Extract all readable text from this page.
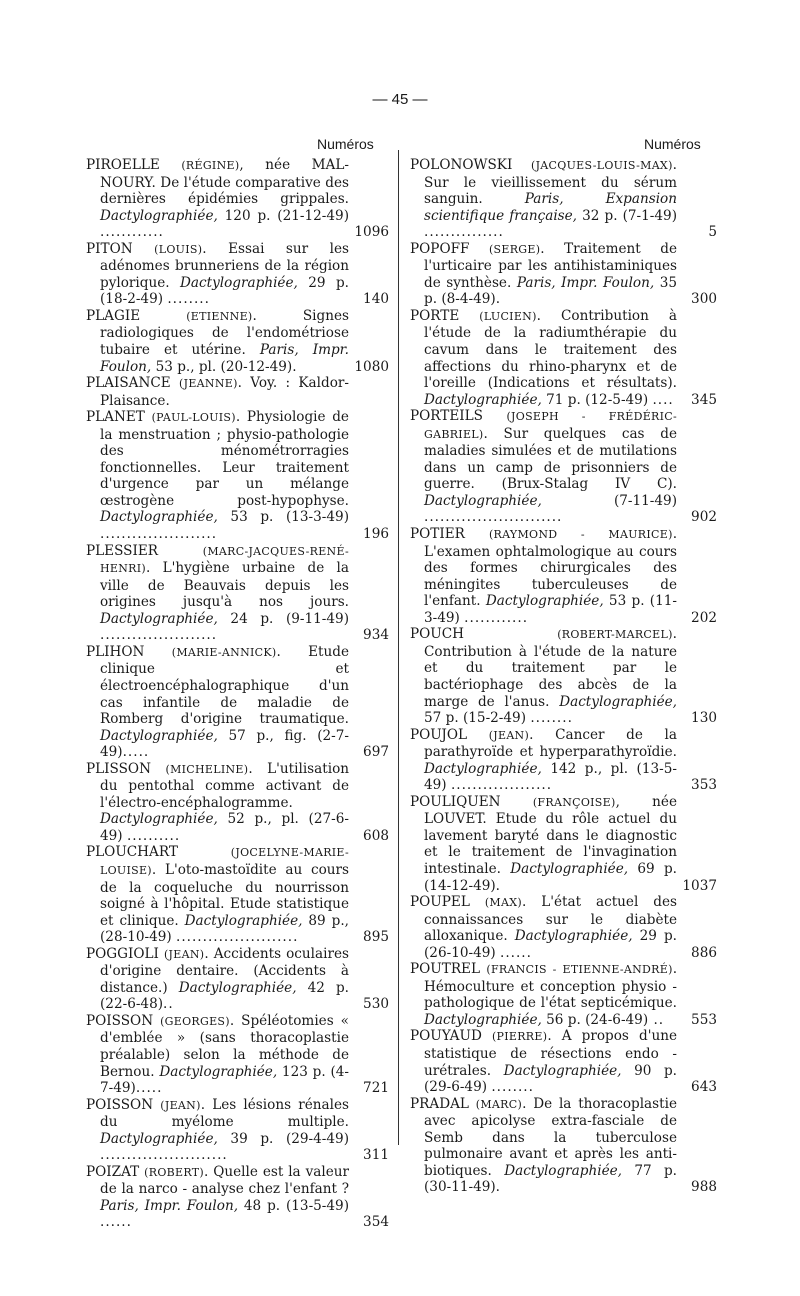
— 45 —
Numéros	Numéros
PIROELLE (RÉGINE), née MAL-NOURY. De l'étude comparative des dernières épidémies grippales. Dactylographiée, 120 p. (21-12-49) ............	1096
PITON (LOUIS). Essai sur les adénomes brunneriens de la région pylorique. Dactylographiée, 29 p. (18-2-49) ........	140
PLAGIE	(ETIENNE). Signes radiologiques de l'endométriose tubaire et utérine. Paris, Impr. Foulon, 53 p., pl. (20-12-49).	1080
PLAISANCE (JEANNE). Voy. : Kaldor-Plaisance.
PLANET (PAUL-LOUIS). Physiologie de la menstruation ; physio-pathologie des ménométrorragies fonctionnelles. Leur traitement d'urgence par un mélange œstrogène post-hypophyse. Dactylographiée, 53 p. (13-3-49) ......................	196
PLESSIER	(MARC-JACQUES-RENÉ-HENRI). L'hygiène urbaine de la ville de Beauvais depuis les origines jusqu'à nos jours. Dactylographiée, 24 p. (9-11-49) ......................	934
PLIHON (MARIE-ANNICK). Etude clinique et électroencéphalographique d'un cas infantile de maladie de Romberg d'origine traumatique. Dactylographiée, 57 p., fig. (2-7-49).....	697
PLISSON (MICHELINE). L'utilisation du pentothal comme activant de l'électro-encéphalogramme. Dactylographiée, 52 p., pl. (27-6-49) ..........	608
PLOUCHART	(JOCELYNE-MARIE-LOUISE). L'oto-mastoïdite au cours de la coqueluche du nourrisson soigné à l'hôpital. Etude statistique et clinique. Dactylographiée, 89 p., (28-10-49) .......................	895
POGGIOLI (JEAN). Accidents oculaires d'origine dentaire. (Accidents à distance.) Dactylographiée, 42 p. (22-6-48)..	530
POISSON (GEORGES). Spéléotomies « d'emblée » (sans thoracoplastie préalable) selon la méthode de Bernou. Dactylographiée, 123 p. (4-7-49).....	721
POISSON (JEAN). Les lésions rénales du myélome multiple. Dactylographiée, 39 p. (29-4-49) ........................	311
POIZAT (ROBERT). Quelle est la valeur de la narco - analyse chez l'enfant ? Paris, Impr. Foulon, 48 p. (13-5-49) ......	354
POLONOWSKI (JACQUES-LOUIS-MAX). Sur le vieillissement du sérum sanguin.	Paris, Expansion scientifique française, 32 p. (7-1-49) ...............	5
POPOFF (SERGE). Traitement de l'urticaire par les antihistaminiques de synthèse. Paris, Impr. Foulon, 35 p. (8-4-49).	300
PORTE (LUCIEN). Contribution à l'étude de la radiumthérapie du cavum dans le traitement des affections du rhino-pharynx et de l'oreille (Indications et résultats). Dactylographiée, 71 p. (12-5-49) ....	345
PORTEILS (JOSEPH - FRÉDÉRIC-GABRIEL). Sur quelques cas de maladies simulées et de mutilations dans un camp de prisonniers de guerre. (Brux-Stalag IV C). Dactylographiée, (7-11-49) ..........................	902
POTIER (RAYMOND - MAURICE). L'examen ophtalmologique au cours des formes chirurgicales des méningites tuberculeuses de l'enfant. Dactylographiée, 53 p. (11-3-49) ............	202
POUCH	(ROBERT-MARCEL). Contribution à l'étude de la nature et du traitement par le bactériophage des abcès de la marge de l'anus. Dactylographiée, 57 p. (15-2-49) ........	130
POUJOL (JEAN). Cancer de la parathyroïde et hyperparathyroïdie. Dactylographiée, 142 p., pl. (13-5-49) ...................	353
POULIQUEN	(FRANÇOISE), née LOUVET. Etude du rôle actuel du lavement baryté dans le diagnostic et le traitement de l'invagination intestinale. Dactylographiée, 69 p. (14-12-49).	1037
POUPEL (MAX). L'état actuel des connaissances sur le diabète alloxanique. Dactylographiée, 29 p. (26-10-49) ......	886
POUTREL (FRANCIS - ETIENNE-ANDRÉ). Hémoculture et conception physio - pathologique de l'état septicémique. Dactylographiée, 56 p. (24-6-49) ..	553
POUYAUD (PIERRE). A propos d'une statistique de résections endo - urétrales. Dactylographiée, 90 p. (29-6-49) ........	643
PRADAL (MARC). De la thoracoplastie avec apicolyse extra-fasciale de Semb dans la tuberculose pulmonaire avant et après les anti-biotiques. Dactylographiée, 77 p. (30-11-49).	988
